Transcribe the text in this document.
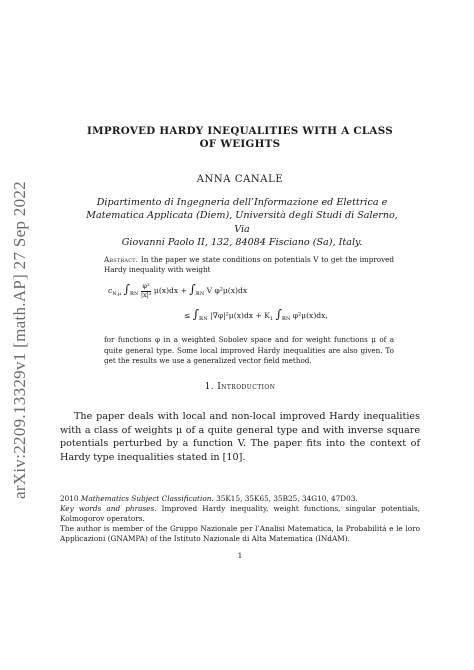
arXiv:2209.13329v1 [math.AP] 27 Sep 2022
IMPROVED HARDY INEQUALITIES WITH A CLASS
OF WEIGHTS
ANNA CANALE
Dipartimento di Ingegneria dell’Informazione ed Elettrica e
Matematica Applicata (Diem), Università degli Studi di Salerno, Via
Giovanni Paolo II, 132, 84084 Fisciano (Sa), Italy.
Abstract. In the paper we state conditions on potentials V to get the improved Hardy inequality with weight
$c_{N,\mu}$ $\int_{ℝN} \frac{\text{φ²}}{\text{|x|²}} \mu(x)dx + \int_{ℝN}$ V φ²μ(x)dx
≤ $\int_{ℝN}$ $|\nabla\varphi|^2\mu(x)dx + K_1$ $\int_{ℝN}$ φ²μ(x)dx,
for functions φ in a weighted Sobolev space and for weight functions μ of a quite general type. Some local improved Hardy inequalities are also given. To get the results we use a generalized vector field method.
1. Introduction

The paper deals with local and non-local improved Hardy inequalities with a class of weights μ of a quite general type and with inverse square potentials perturbed by a function V. The paper fits into the context of Hardy type inequalities stated in [10].

2010 Mathematics Subject Classification. 35K15, 35K65, 35B25, 34G10, 47D03.

Key words and phrases. Improved Hardy inequality, weight functions, singular potentials, Kolmogorov operators.

The author is member of the Gruppo Nazionale per l’Analisi Matematica, la Probabilitá e le loro Applicazioni (GNAMPA) of the Istituto Nazionale di Alta Matematica (INdAM).

1
